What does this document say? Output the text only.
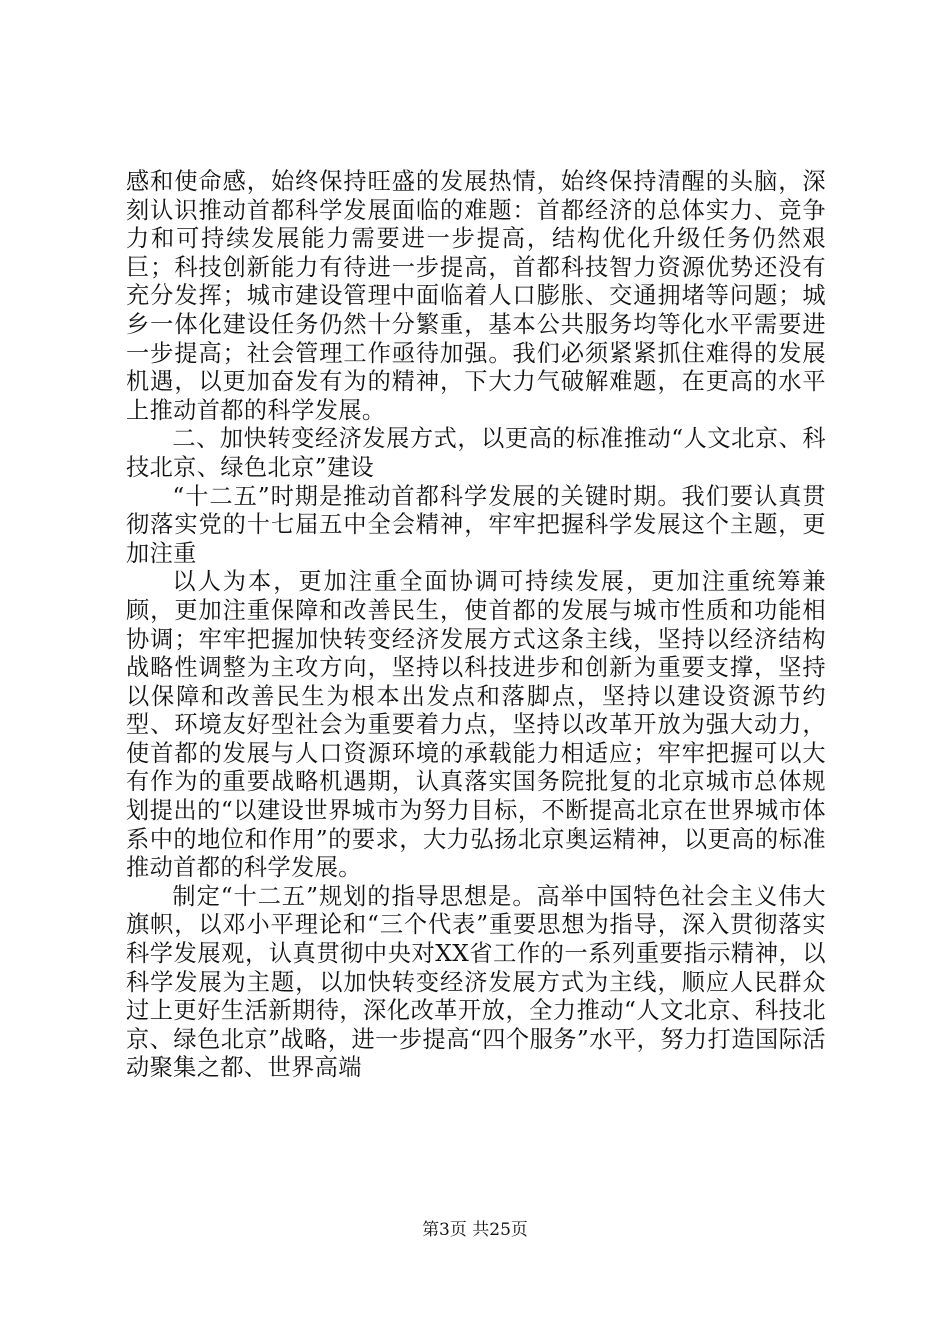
感和使命感，始终保持旺盛的发展热情，始终保持清醒的头脑，深刻认识推动首都科学发展面临的难题：首都经济的总体实力、竞争力和可持续发展能力需要进一步提高，结构优化升级任务仍然艰巨；科技创新能力有待进一步提高，首都科技智力资源优势还没有充分发挥；城市建设管理中面临着人口膨胀、交通拥堵等问题；城乡一体化建设任务仍然十分繁重，基本公共服务均等化水平需要进一步提高；社会管理工作亟待加强。我们必须紧紧抓住难得的发展机遇，以更加奋发有为的精神，下大力气破解难题，在更高的水平上推动首都的科学发展。

二、加快转变经济发展方式，以更高的标准推动“人文北京、科技北京、绿色北京”建设

“十二五”时期是推动首都科学发展的关键时期。我们要认真贯彻落实党的十七届五中全会精神，牢牢把握科学发展这个主题，更加注重

以人为本，更加注重全面协调可持续发展，更加注重统筹兼顾，更加注重保障和改善民生，使首都的发展与城市性质和功能相协调；牢牢把握加快转变经济发展方式这条主线，坚持以经济结构战略性调整为主攻方向，坚持以科技进步和创新为重要支撑，坚持以保障和改善民生为根本出发点和落脚点，坚持以建设资源节约型、环境友好型社会为重要着力点，坚持以改革开放为强大动力，使首都的发展与人口资源环境的承载能力相适应；牢牢把握可以大有作为的重要战略机遇期，认真落实国务院批复的北京城市总体规划提出的“以建设世界城市为努力目标，不断提高北京在世界城市体系中的地位和作用”的要求，大力弘扬北京奥运精神，以更高的标准推动首都的科学发展。

制定“十二五”规划的指导思想是。高举中国特色社会主义伟大旗帜，以邓小平理论和“三个代表”重要思想为指导，深入贯彻落实科学发展观，认真贯彻中央对XX省工作的一系列重要指示精神，以科学发展为主题，以加快转变经济发展方式为主线，顺应人民群众过上更好生活新期待，深化改革开放，全力推动“人文北京、科技北京、绿色北京”战略，进一步提高“四个服务”水平，努力打造国际活动聚集之都、世界高端

第3页 共25页
